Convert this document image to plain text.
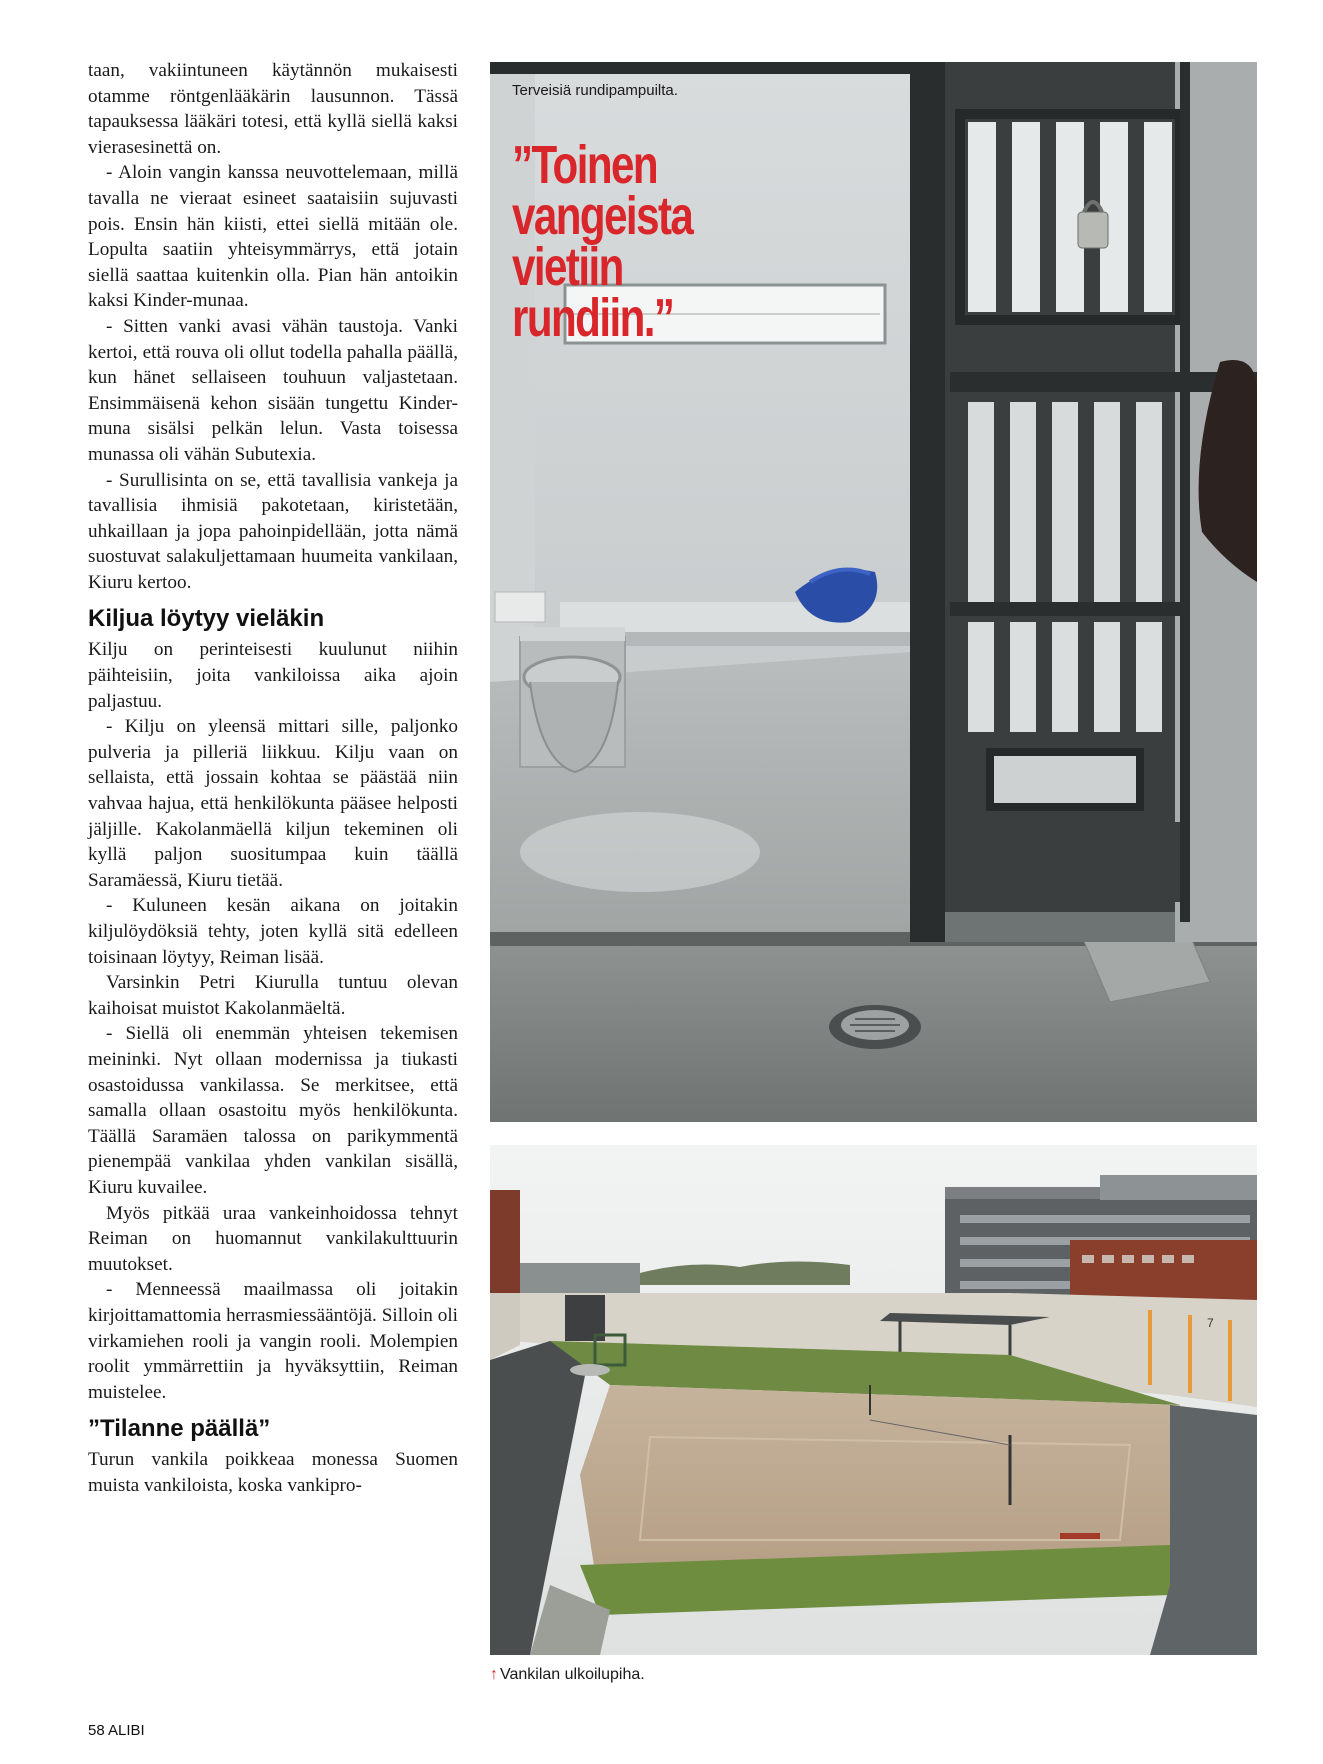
taan, vakiintuneen käytännön mukaisesti otamme röntgenlääkärin lausunnon. Tässä tapauksessa lääkäri totesi, että kyllä siellä kaksi vierasesinettä on.

- Aloin vangin kanssa neuvottelemaan, millä tavalla ne vieraat esineet saataisiin sujuvasti pois. Ensin hän kiisti, ettei siellä mitään ole. Lopulta saatiin yhteisymmärrys, että jotain siellä saattaa kuitenkin olla. Pian hän antoikin kaksi Kinder-munaa.

- Sitten vanki avasi vähän taustoja. Vanki kertoi, että rouva oli ollut todella pahalla päällä, kun hänet sellaiseen touhuun valjastetaan. Ensimmäisenä kehon sisään tungettu Kinder-muna sisälsi pelkän lelun. Vasta toisessa munassa oli vähän Subutexia.

- Surullisinta on se, että tavallisia vankeja ja tavallisia ihmisiä pakotetaan, kiristetään, uhkaillaan ja jopa pahoinpidellään, jotta nämä suostuvat salakuljettamaan huumeita vankilaan, Kiuru kertoo.

Kiljua löytyy vieläkin

Kilju on perinteisesti kuulunut niihin päihteisiin, joita vankiloissa aika ajoin paljastuu.

- Kilju on yleensä mittari sille, paljonko pulveria ja pilleriä liikkuu. Kilju vaan on sellaista, että jossain kohtaa se päästää niin vahvaa hajua, että henkilökunta pääsee helposti jäljille. Kakolanmäellä kiljun tekeminen oli kyllä paljon suositumpaa kuin täällä Saramäessä, Kiuru tietää.

- Kuluneen kesän aikana on joitakin kiljulöydöksiä tehty, joten kyllä sitä edelleen toisinaan löytyy, Reiman lisää.

Varsinkin Petri Kiurulla tuntuu olevan kaihoisat muistot Kakolanmäeltä.

- Siellä oli enemmän yhteisen tekemisen meininki. Nyt ollaan modernissa ja tiukasti osastoidussa vankilassa. Se merkitsee, että samalla ollaan osastoitu myös henkilökunta. Täällä Saramäen talossa on parikymmentä pienempää vankilaa yhden vankilan sisällä, Kiuru kuvailee.

Myös pitkää uraa vankeinhoidossa tehnyt Reiman on huomannut vankilakulttuurin muutokset.

- Menneessä maailmassa oli joitakin kirjoittamattomia herrasmiessääntöjä. Silloin oli virkamiehen rooli ja vangin rooli. Molempien roolit ymmärrettiin ja hyväksyttiin, Reiman muistelee.

”Tilanne päällä”

Turun vankila poikkeaa monessa Suomen muista vankiloista, koska vankipro-

Terveisiä rundipampuilta.
”Toinen
vangeista
vietiin
rundiin.”
7
↑ Vankilan ulkoilupiha.
58 ALIBI
